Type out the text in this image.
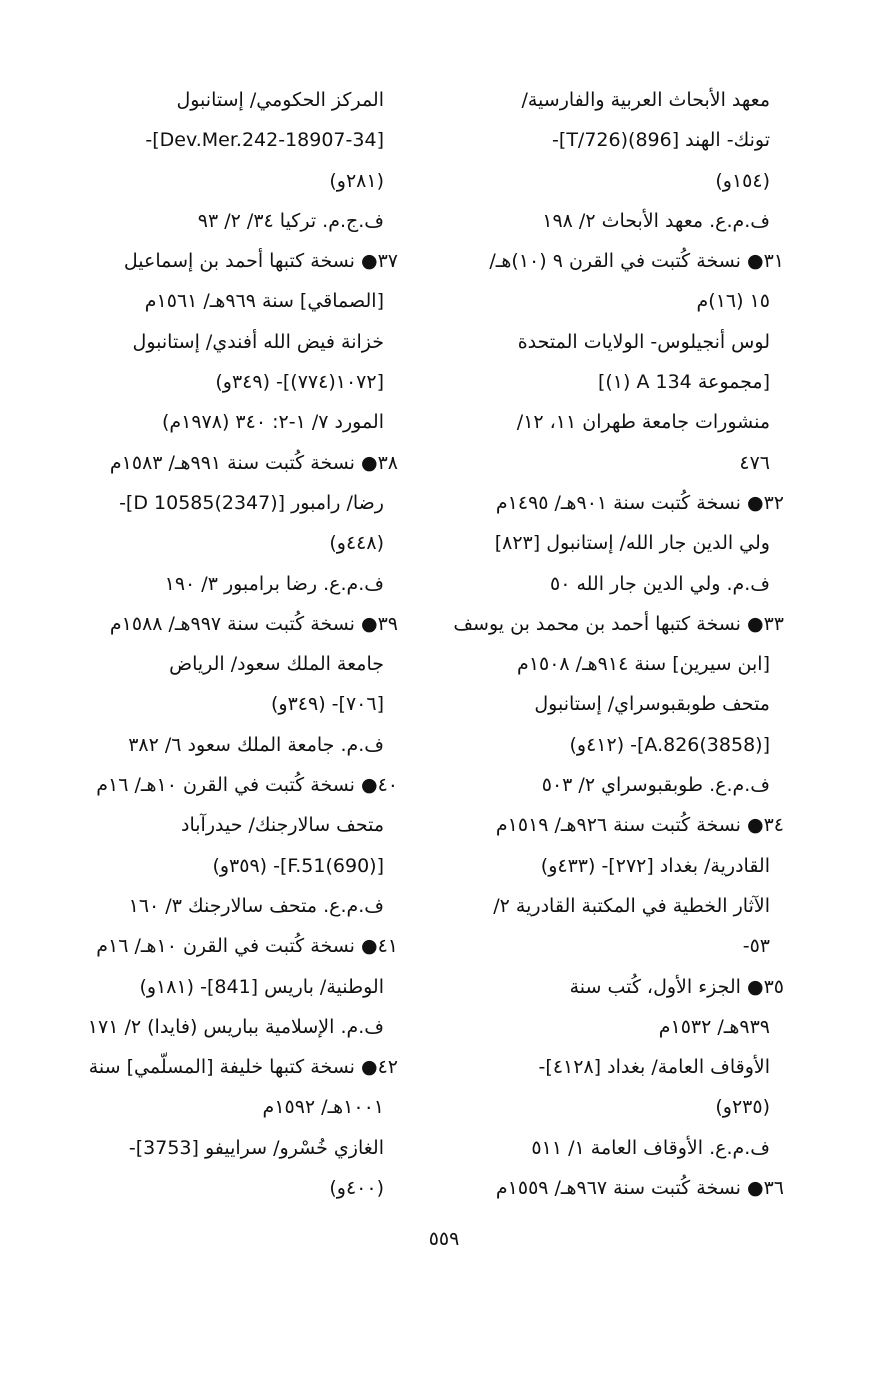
معهد الأبحاث العربية والفارسية/
تونك- الهند [896)(T/726]-
(١٥٤و)
ف.م.ع. معهد الأبحاث ٢/ ١٩٨
٣١● نسخة كُتبت في القرن ٩ (١٠)هـ/
١٥ (١٦)م
لوس أنجيلوس- الولايات المتحدة
[مجموعة A 134 (١)]
منشورات جامعة طهران ١١، ١٢/
٤٧٦
٣٢● نسخة كُتبت سنة ٩٠١هـ/ ١٤٩٥م
ولي الدين جار الله/ إستانبول [٨٢٣]
ف.م. ولي الدين جار الله ٥٠
٣٣● نسخة كتبها أحمد بن محمد بن يوسف
[ابن سيرين] سنة ٩١٤هـ/ ١٥٠٨م
متحف طوبقبوسراي/ إستانبول
[A.826(3858)]- (٤١٢و)
ف.م.ع. طوبقبوسراي ٢/ ٥٠٣
٣٤● نسخة كُتبت سنة ٩٢٦هـ/ ١٥١٩م
القادرية/ بغداد [٢٧٢]- (٤٣٣و)
الآثار الخطية في المكتبة القادرية ٢/
٥٣-
٣٥● الجزء الأول، كُتب سنة
٩٣٩هـ/ ١٥٣٢م
الأوقاف العامة/ بغداد [٤١٢٨]-
(٢٣٥و)
ف.م.ع. الأوقاف العامة ١/ ٥١١
٣٦● نسخة كُتبت سنة ٩٦٧هـ/ ١٥٥٩م
المركز الحكومي/ إستانبول
[34-Dev.Mer.242-18907]-
(٢٨١و)
ف.ج.م. تركيا ٣٤/ ٢/ ٩٣
٣٧● نسخة كتبها أحمد بن إسماعيل
[الصماقي] سنة ٩٦٩هـ/ ١٥٦١م
خزانة فيض الله أفندي/ إستانبول
[١٠٧٢(٧٧٤)]- (٣٤٩و)
المورد ٧/ ١-٢: ٣٤٠ (١٩٧٨م)
٣٨● نسخة كُتبت سنة ٩٩١هـ/ ١٥٨٣م
رضا/ رامبور [D 10585(2347)]-
(٤٤٨و)
ف.م.ع. رضا برامبور ٣/ ١٩٠
٣٩● نسخة كُتبت سنة ٩٩٧هـ/ ١٥٨٨م
جامعة الملك سعود/ الرياض
[٧٠٦]- (٣٤٩و)
ف.م. جامعة الملك سعود ٦/ ٣٨٢
٤٠● نسخة كُتبت في القرن ١٠هـ/ ١٦م
متحف سالارجنك/ حيدرآباد
[F.51(690)]- (٣٥٩و)
ف.م.ع. متحف سالارجنك ٣/ ١٦٠
٤١● نسخة كُتبت في القرن ١٠هـ/ ١٦م
الوطنية/ باريس [841]- (١٨١و)
ف.م. الإسلامية بباريس (فايدا) ٢/ ١٧١
٤٢● نسخة كتبها خليفة [المسلّمي] سنة
١٠٠١هـ/ ١٥٩٢م
الغازي خُسْرو/ سراييفو [3753]-
(٤٠٠و)
٥٥٩
